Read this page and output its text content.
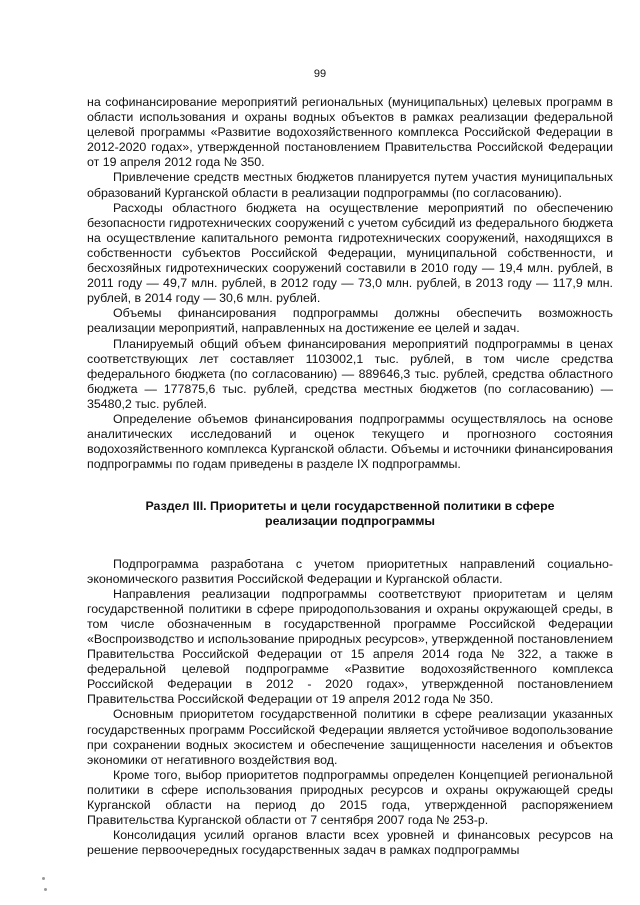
99

на софинансирование мероприятий региональных (муниципальных) целевых программ в области использования и охраны водных объектов в рамках реализации федеральной целевой программы «Развитие водохозяйственного комплекса Российской Федерации в 2012-2020 годах», утвержденной постановлением Правительства Российской Федерации от 19 апреля 2012 года № 350.

Привлечение средств местных бюджетов планируется путем участия муниципальных образований Курганской области в реализации подпрограммы (по согласованию).

Расходы областного бюджета на осуществление мероприятий по обеспечению безопасности гидротехнических сооружений с учетом субсидий из федерального бюджета на осуществление капитального ремонта гидротехнических сооружений, находящихся в собственности субъектов Российской Федерации, муниципальной собственности, и бесхозяйных гидротехнических сооружений составили в 2010 году — 19,4 млн. рублей, в 2011 году — 49,7 млн. рублей, в 2012 году — 73,0 млн. рублей, в 2013 году — 117,9 млн. рублей, в 2014 году — 30,6 млн. рублей.

Объемы финансирования подпрограммы должны обеспечить возможность реализации мероприятий, направленных на достижение ее целей и задач.

Планируемый общий объем финансирования мероприятий подпрограммы в ценах соответствующих лет составляет 1103002,1 тыс. рублей, в том числе средства федерального бюджета (по согласованию) — 889646,3 тыс. рублей, средства областного бюджета — 177875,6 тыс. рублей, средства местных бюджетов (по согласованию) — 35480,2 тыс. рублей.

Определение объемов финансирования подпрограммы осуществлялось на основе аналитических исследований и оценок текущего и прогнозного состояния водохозяйственного комплекса Курганской области. Объемы и источники финансирования подпрограммы по годам приведены в разделе IX подпрограммы.

Раздел III. Приоритеты и цели государственной политики в сфере реализации подпрограммы

Подпрограмма разработана с учетом приоритетных направлений социально-экономического развития Российской Федерации и Курганской области.

Направления реализации подпрограммы соответствуют приоритетам и целям государственной политики в сфере природопользования и охраны окружающей среды, в том числе обозначенным в государственной программе Российской Федерации «Воспроизводство и использование природных ресурсов», утвержденной постановлением Правительства Российской Федерации от 15 апреля 2014 года № 322, а также в федеральной целевой подпрограмме «Развитие водохозяйственного комплекса Российской Федерации в 2012 - 2020 годах», утвержденной постановлением Правительства Российской Федерации от 19 апреля 2012 года № 350.

Основным приоритетом государственной политики в сфере реализации указанных государственных программ Российской Федерации является устойчивое водопользование при сохранении водных экосистем и обеспечение защищенности населения и объектов экономики от негативного воздействия вод.

Кроме того, выбор приоритетов подпрограммы определен Концепцией региональной политики в сфере использования природных ресурсов и охраны окружающей среды Курганской области на период до 2015 года, утвержденной распоряжением Правительства Курганской области от 7 сентября 2007 года № 253-р.

Консолидация усилий органов власти всех уровней и финансовых ресурсов на решение первоочередных государственных задач в рамках подпрограммы
